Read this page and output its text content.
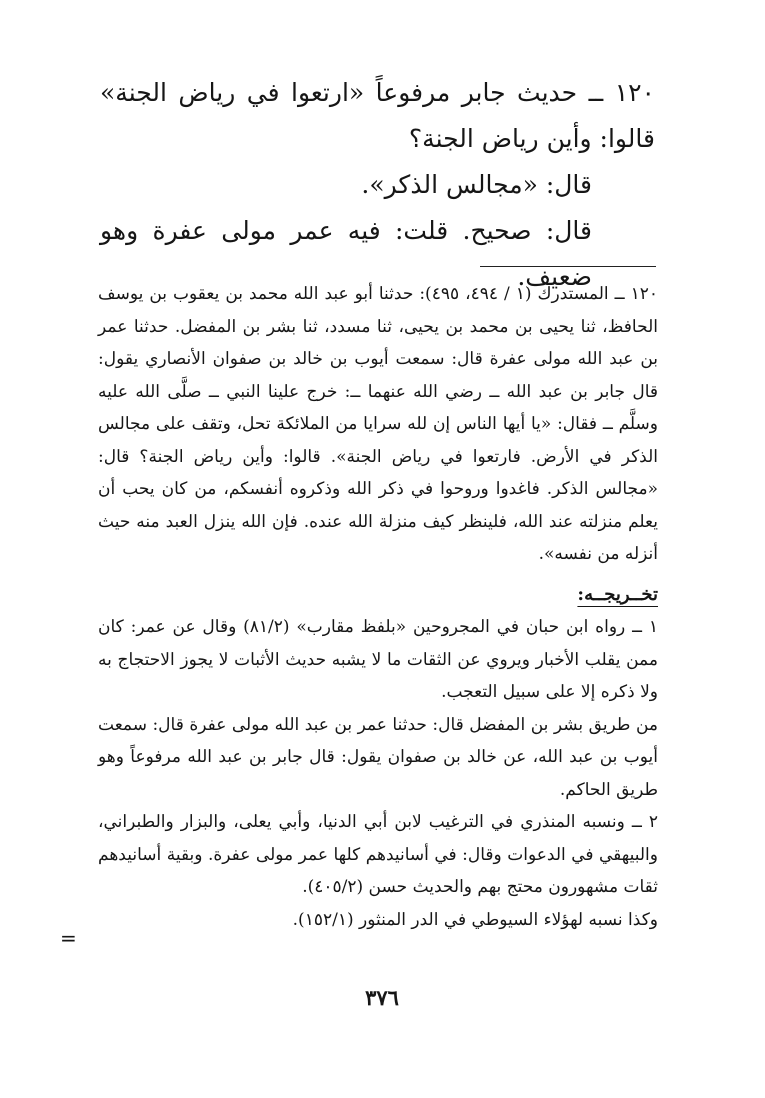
١٢٠ ــ حديث جابر مرفوعاً «ارتعوا في رياض الجنة» قالوا: وأين رياض الجنة؟

قال: «مجالس الذكر».

قال: صحيح. قلت: فيه عمر مولى عفرة وهو ضعيف.

١٢٠ ــ المستدرك (١ / ٤٩٤، ٤٩٥): حدثنا أبو عبد الله محمد بن يعقوب بن يوسف الحافظ، ثنا يحيى بن محمد بن يحيى، ثنا مسدد، ثنا بشر بن المفضل. حدثنا عمر بن عبد الله مولى عفرة قال: سمعت أيوب بن خالد بن صفوان الأنصاري يقول: قال جابر بن عبد الله ــ رضي الله عنهما ــ: خرج علينا النبي ــ صلَّى الله عليه وسلَّم ــ فقال: «يا أيها الناس إن لله سرايا من الملائكة تحل، وتقف على مجالس الذكر في الأرض. فارتعوا في رياض الجنة». قالوا: وأين رياض الجنة؟ قال: «مجالس الذكر. فاغدوا وروحوا في ذكر الله وذكروه أنفسكم، من كان يحب أن يعلم منزلته عند الله، فلينظر كيف منزلة الله عنده. فإن الله ينزل العبد منه حيث أنزله من نفسه».

تخــريجــه:

١ ــ رواه ابن حبان في المجروحين «بلفظ مقارب» (٨١/٢) وقال عن عمر: كان ممن يقلب الأخبار ويروي عن الثقات ما لا يشبه حديث الأثبات لا يجوز الاحتجاج به ولا ذكره إلا على سبيل التعجب.

من طريق بشر بن المفضل قال: حدثنا عمر بن عبد الله مولى عفرة قال: سمعت أيوب بن عبد الله، عن خالد بن صفوان يقول: قال جابر بن عبد الله مرفوعاً وهو طريق الحاكم.

٢ ــ ونسبه المنذري في الترغيب لابن أبي الدنيا، وأبي يعلى، والبزار والطبراني، والبيهقي في الدعوات وقال: في أسانيدهم كلها عمر مولى عفرة. وبقية أسانيدهم ثقات مشهورون محتج بهم والحديث حسن (٤٠٥/٢).

وكذا نسبه لهؤلاء السيوطي في الدر المنثور (١٥٢/١).

=
٣٧٦
